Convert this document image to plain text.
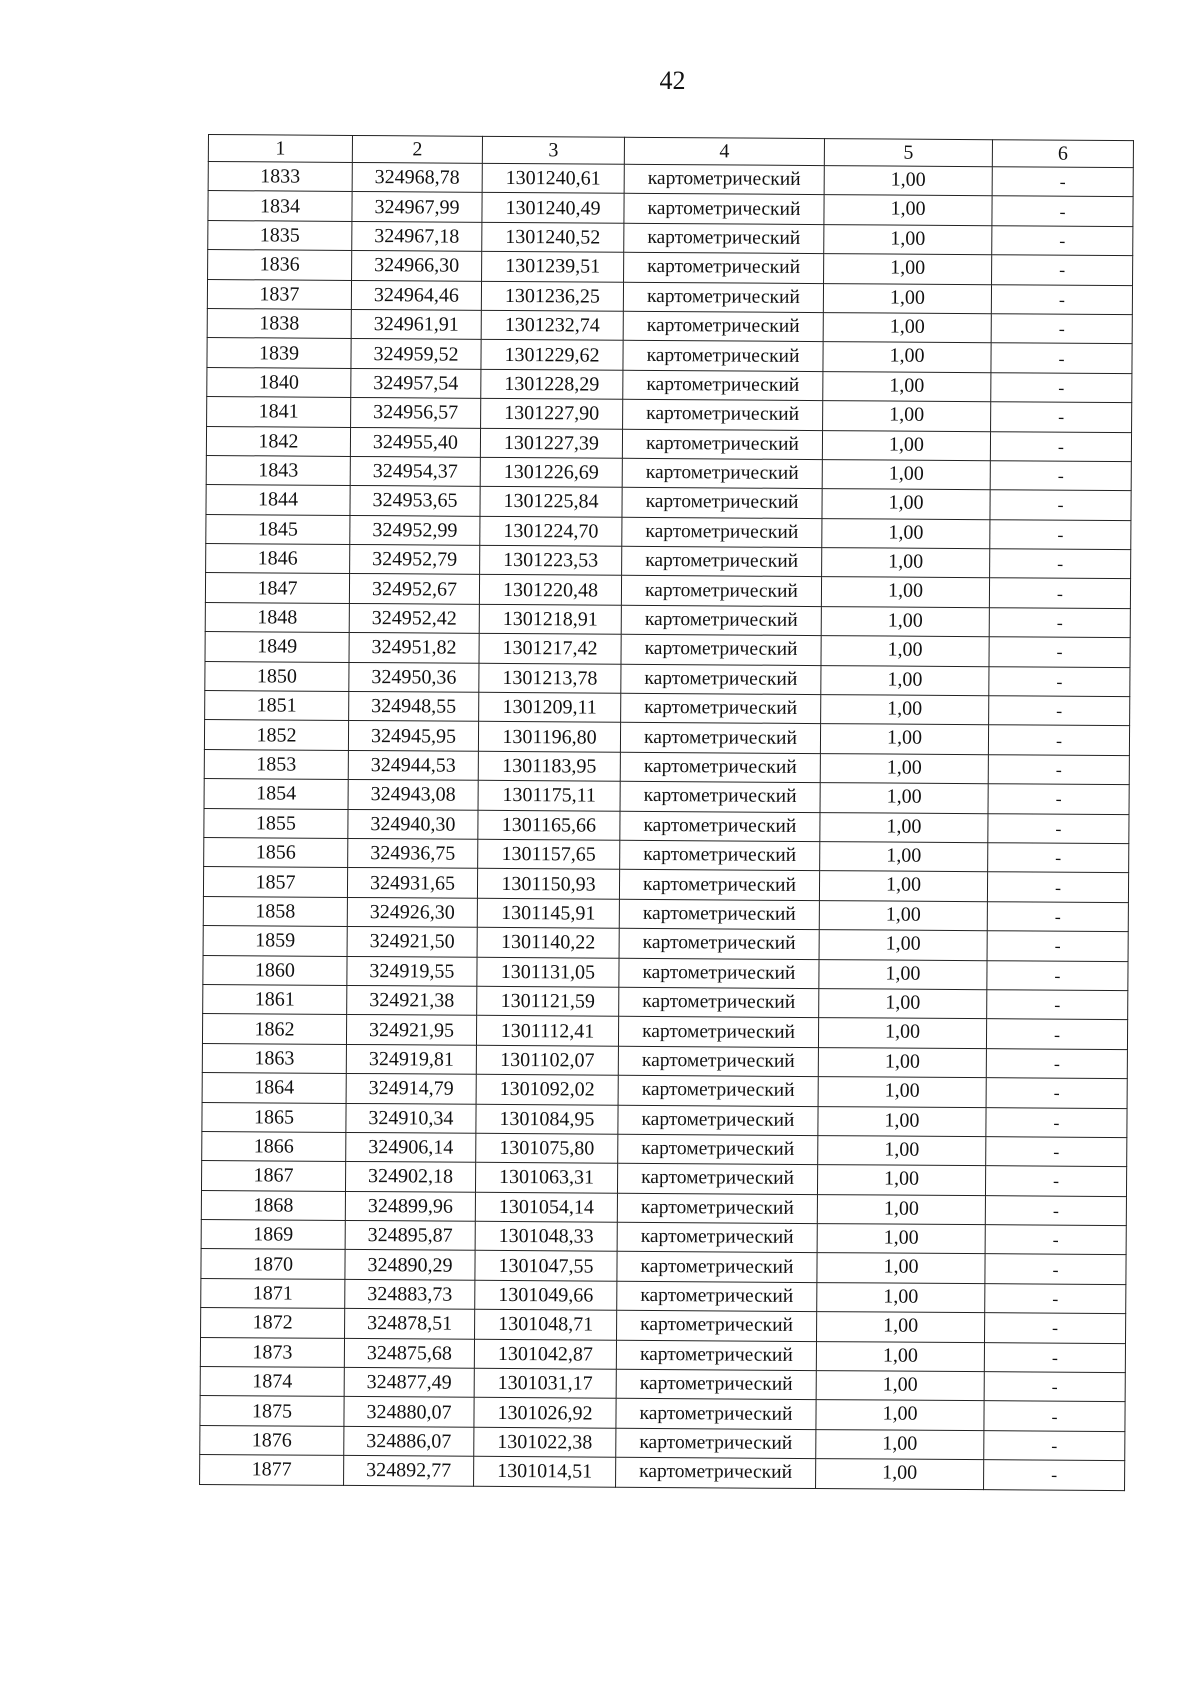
42
1	2	3	4	5	6
1833	324968,78	1301240,61	картометрический	1,00	-
1834	324967,99	1301240,49	картометрический	1,00	-
1835	324967,18	1301240,52	картометрический	1,00	-
1836	324966,30	1301239,51	картометрический	1,00	-
1837	324964,46	1301236,25	картометрический	1,00	-
1838	324961,91	1301232,74	картометрический	1,00	-
1839	324959,52	1301229,62	картометрический	1,00	-
1840	324957,54	1301228,29	картометрический	1,00	-
1841	324956,57	1301227,90	картометрический	1,00	-
1842	324955,40	1301227,39	картометрический	1,00	-
1843	324954,37	1301226,69	картометрический	1,00	-
1844	324953,65	1301225,84	картометрический	1,00	-
1845	324952,99	1301224,70	картометрический	1,00	-
1846	324952,79	1301223,53	картометрический	1,00	-
1847	324952,67	1301220,48	картометрический	1,00	-
1848	324952,42	1301218,91	картометрический	1,00	-
1849	324951,82	1301217,42	картометрический	1,00	-
1850	324950,36	1301213,78	картометрический	1,00	-
1851	324948,55	1301209,11	картометрический	1,00	-
1852	324945,95	1301196,80	картометрический	1,00	-
1853	324944,53	1301183,95	картометрический	1,00	-
1854	324943,08	1301175,11	картометрический	1,00	-
1855	324940,30	1301165,66	картометрический	1,00	-
1856	324936,75	1301157,65	картометрический	1,00	-
1857	324931,65	1301150,93	картометрический	1,00	-
1858	324926,30	1301145,91	картометрический	1,00	-
1859	324921,50	1301140,22	картометрический	1,00	-
1860	324919,55	1301131,05	картометрический	1,00	-
1861	324921,38	1301121,59	картометрический	1,00	-
1862	324921,95	1301112,41	картометрический	1,00	-
1863	324919,81	1301102,07	картометрический	1,00	-
1864	324914,79	1301092,02	картометрический	1,00	-
1865	324910,34	1301084,95	картометрический	1,00	-
1866	324906,14	1301075,80	картометрический	1,00	-
1867	324902,18	1301063,31	картометрический	1,00	-
1868	324899,96	1301054,14	картометрический	1,00	-
1869	324895,87	1301048,33	картометрический	1,00	-
1870	324890,29	1301047,55	картометрический	1,00	-
1871	324883,73	1301049,66	картометрический	1,00	-
1872	324878,51	1301048,71	картометрический	1,00	-
1873	324875,68	1301042,87	картометрический	1,00	-
1874	324877,49	1301031,17	картометрический	1,00	-
1875	324880,07	1301026,92	картометрический	1,00	-
1876	324886,07	1301022,38	картометрический	1,00	-
1877	324892,77	1301014,51	картометрический	1,00	-
